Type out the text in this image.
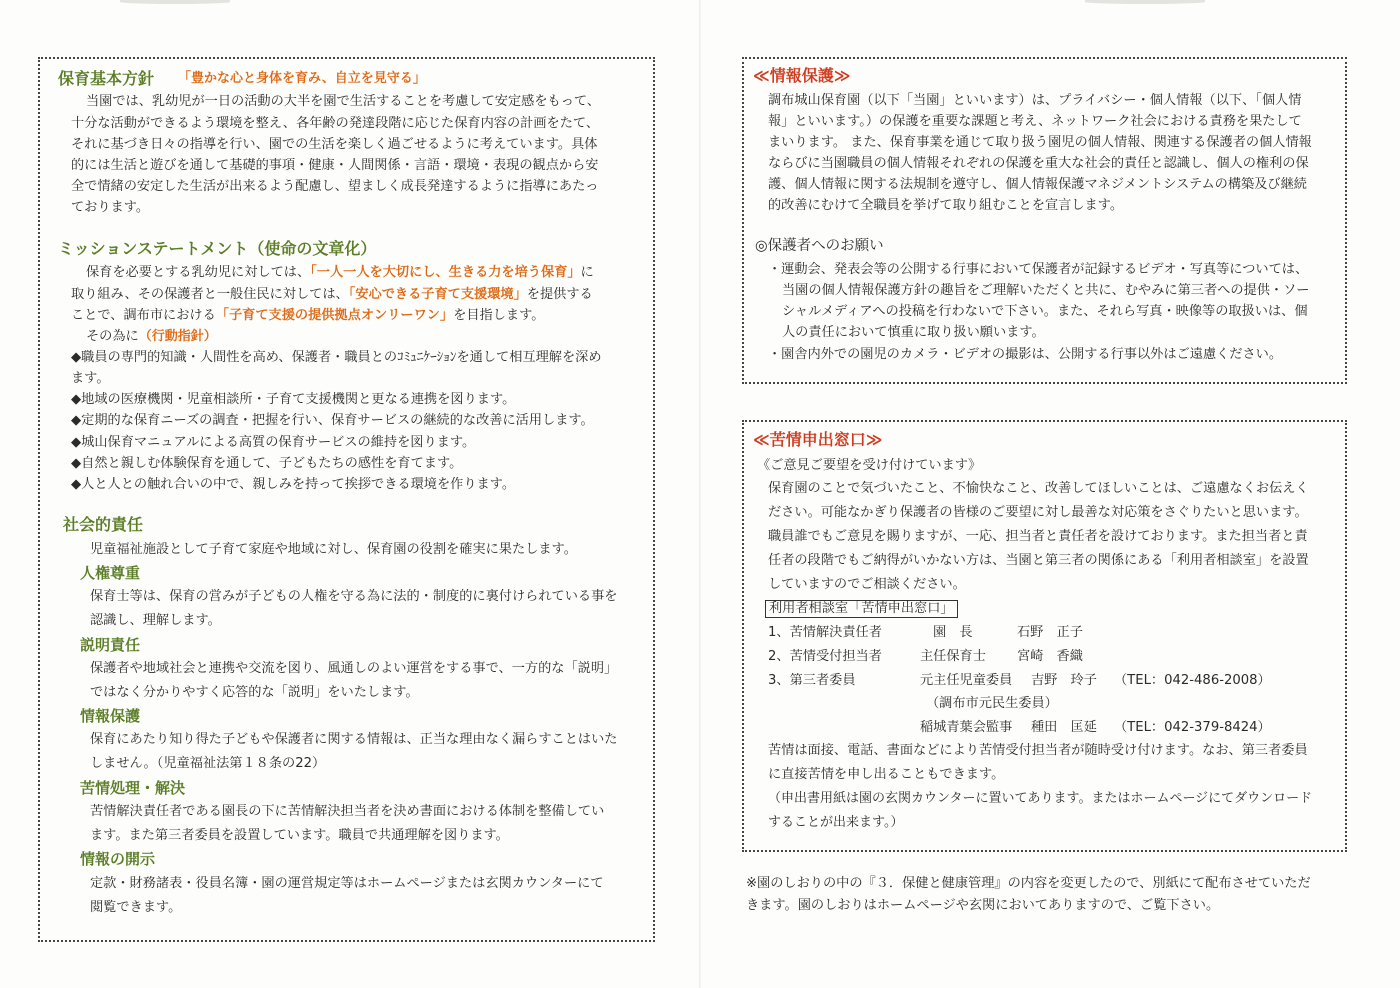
保育基本方針 「豊かな心と身体を育み、自立を見守る」
当園では、乳幼児が一日の活動の大半を園で生活することを考慮して安定感をもって、
十分な活動ができるよう環境を整え、各年齢の発達段階に応じた保育内容の計画をたて、
それに基づき日々の指導を行い、園での生活を楽しく過ごせるように考えています。具体
的には生活と遊びを通して基礎的事項・健康・人間関係・言語・環境・表現の観点から安
全で情緒の安定した生活が出来るよう配慮し、望ましく成長発達するように指導にあたっ
ております。
ミッションステートメント（使命の文章化）
保育を必要とする乳幼児に対しては、「一人一人を大切にし、生きる力を培う保育」に
取り組み、その保護者と一般住民に対しては、「安心できる子育て支援環境」を提供する
ことで、調布市における「子育て支援の提供拠点オンリーワン」を目指します。
その為に（行動指針）
◆職員の専門的知識・人間性を高め、保護者・職員とのｺﾐｭﾆｹｰｼｮﾝを通して相互理解を深め
ます。
◆地域の医療機関・児童相談所・子育て支援機関と更なる連携を図ります。
◆定期的な保育ニーズの調査・把握を行い、保育サービスの継続的な改善に活用します。
◆城山保育マニュアルによる高質の保育サービスの維持を図ります。
◆自然と親しむ体験保育を通して、子どもたちの感性を育てます。
◆人と人との触れ合いの中で、親しみを持って挨拶できる環境を作ります。
社会的責任
児童福祉施設として子育て家庭や地域に対し、保育園の役割を確実に果たします。
人権尊重
保育士等は、保育の営みが子どもの人権を守る為に法的・制度的に裏付けられている事を
認識し、理解します。
説明責任
保護者や地域社会と連携や交流を図り、風通しのよい運営をする事で、一方的な「説明」
ではなく分かりやすく応答的な「説明」をいたします。
情報保護
保育にあたり知り得た子どもや保護者に関する情報は、正当な理由なく漏らすことはいた
しません。（児童福祉法第１８条の22）
苦情処理・解決
苦情解決責任者である園長の下に苦情解決担当者を決め書面における体制を整備してい
ます。また第三者委員を設置しています。職員で共通理解を図ります。
情報の開示
定款・財務諸表・役員名簿・園の運営規定等はホームページまたは玄関カウンターにて
閲覧できます。
≪情報保護≫
調布城山保育園（以下「当園」といいます）は、プライバシー・個人情報（以下、「個人情
報」といいます。）の保護を重要な課題と考え、ネットワーク社会における責務を果たして
まいります。 また、保育事業を通じて取り扱う園児の個人情報、関連する保護者の個人情報
ならびに当園職員の個人情報それぞれの保護を重大な社会的責任と認識し、個人の権利の保
護、個人情報に関する法規制を遵守し、個人情報保護マネジメントシステムの構築及び継続
的改善にむけて全職員を挙げて取り組むことを宣言します。
◎保護者へのお願い
・運動会、発表会等の公開する行事において保護者が記録するビデオ・写真等については、
当園の個人情報保護方針の趣旨をご理解いただくと共に、むやみに第三者への提供・ソー
シャルメディアへの投稿を行わないで下さい。また、それら写真・映像等の取扱いは、個
人の責任において慎重に取り扱い願います。
・園舎内外での園児のカメラ・ビデオの撮影は、公開する行事以外はご遠慮ください。
≪苦情申出窓口≫
《ご意見ご要望を受け付けています》
保育園のことで気づいたこと、不愉快なこと、改善してほしいことは、ご遠慮なくお伝えく
ださい。可能なかぎり保護者の皆様のご要望に対し最善な対応策をさぐりたいと思います。
職員誰でもご意見を賜りますが、一応、担当者と責任者を設けております。また担当者と責
任者の段階でもご納得がいかない方は、当園と第三者の関係にある「利用者相談室」を設置
していますのでご相談ください。
利用者相談室「苦情申出窓口」
1、苦情解決責任者	園　長	石野　正子
2、苦情受付担当者	主任保育士 宮崎　香織
3、第三者委員	元主任児童委員 吉野　玲子 （TEL：042-486-2008）
（調布市元民生委員）
稲城青葉会監事 種田　匡延 （TEL：042-379-8424）
苦情は面接、電話、書面などにより苦情受付担当者が随時受け付けます。なお、第三者委員
に直接苦情を申し出ることもできます。
（申出書用紙は園の玄関カウンターに置いてあります。またはホームページにてダウンロード
することが出来ます。）
※園のしおりの中の『３．保健と健康管理』の内容を変更したので、別紙にて配布させていただ
きます。園のしおりはホームページや玄関においてありますので、ご覧下さい。
